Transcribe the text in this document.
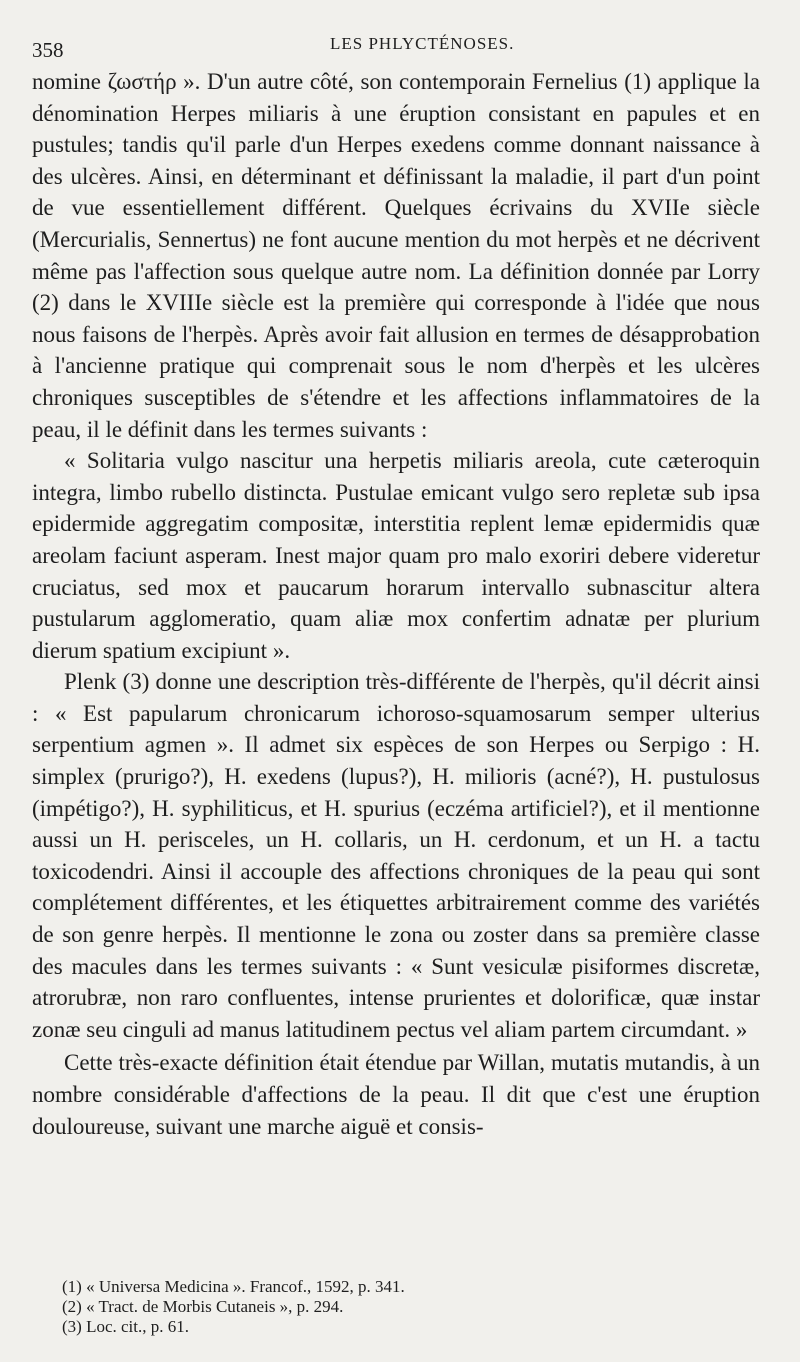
358	LES PHLYCTÉNOSES.

nomine ζωστήρ ». D'un autre côté, son contemporain Fernelius (1) applique la dénomination Herpes miliaris à une éruption consistant en papules et en pustules; tandis qu'il parle d'un Herpes exedens comme donnant naissance à des ulcères. Ainsi, en déterminant et définissant la maladie, il part d'un point de vue essentiellement différent. Quelques écrivains du XVIIe siècle (Mercurialis, Sennertus) ne font aucune mention du mot herpès et ne décrivent même pas l'affection sous quelque autre nom. La définition donnée par Lorry (2) dans le XVIIIe siècle est la première qui corresponde à l'idée que nous nous faisons de l'herpès. Après avoir fait allusion en termes de désapprobation à l'ancienne pratique qui comprenait sous le nom d'herpès et les ulcères chroniques susceptibles de s'étendre et les affections inflammatoires de la peau, il le définit dans les termes suivants :

« Solitaria vulgo nascitur una herpetis miliaris areola, cute cæteroquin integra, limbo rubello distincta. Pustulae emicant vulgo sero repletæ sub ipsa epidermide aggregatim compositæ, interstitia replent lemæ epidermidis quæ areolam faciunt asperam. Inest major quam pro malo exoriri debere videretur cruciatus, sed mox et paucarum horarum intervallo subnascitur altera pustularum agglomeratio, quam aliæ mox confertim adnatæ per plurium dierum spatium excipiunt ».

Plenk (3) donne une description très-différente de l'herpès, qu'il décrit ainsi : « Est papularum chronicarum ichoroso-squamosarum semper ulterius serpentium agmen ». Il admet six espèces de son Herpes ou Serpigo : H. simplex (prurigo?), H. exedens (lupus?), H. milioris (acné?), H. pustulosus (impétigo?), H. syphiliticus, et H. spurius (eczéma artificiel?), et il mentionne aussi un H. perisceles, un H. collaris, un H. cerdonum, et un H. a tactu toxicodendri. Ainsi il accouple des affections chroniques de la peau qui sont complétement différentes, et les étiquettes arbitrairement comme des variétés de son genre herpès. Il mentionne le zona ou zoster dans sa première classe des macules dans les termes suivants : « Sunt vesiculæ pisiformes discretæ, atrorubræ, non raro confluentes, intense prurientes et dolorificæ, quæ instar zonæ seu cinguli ad manus latitudinem pectus vel aliam partem circumdant. »

Cette très-exacte définition était étendue par Willan, mutatis mutandis, à un nombre considérable d'affections de la peau. Il dit que c'est une éruption douloureuse, suivant une marche aiguë et consis-

(1) « Universa Medicina ». Francof., 1592, p. 341.
(2) « Tract. de Morbis Cutaneis », p. 294.
(3) Loc. cit., p. 61.
